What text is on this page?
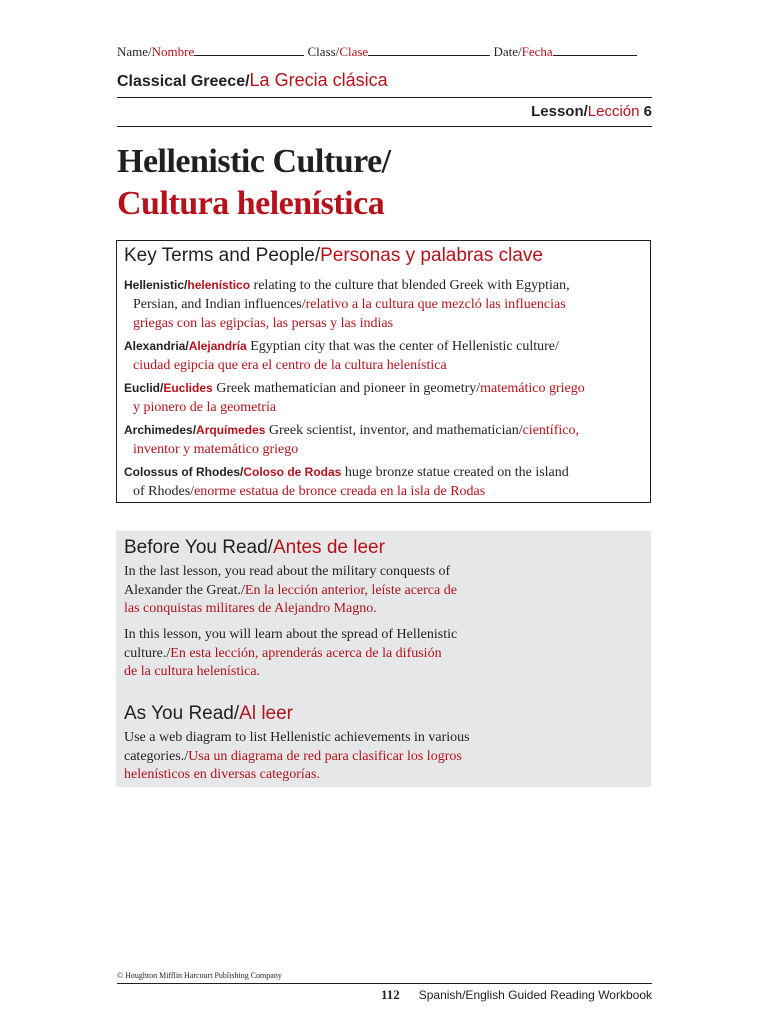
Name/Nombre	Class/Clase	Date/Fecha
Classical Greece/La Grecia clásica
Lesson/Lección 6
Hellenistic Culture/
Cultura helenística
Key Terms and People/Personas y palabras clave
Hellenistic/helenístico relating to the culture that blended Greek with Egyptian,
Persian, and Indian influences/relativo a la cultura que mezcló las influencias
griegas con las egipcias, las persas y las indias
Alexandria/Alejandría Egyptian city that was the center of Hellenistic culture/
ciudad egipcia que era el centro de la cultura helenística
Euclid/Euclides Greek mathematician and pioneer in geometry/matemático griego
y pionero de la geometría
Archimedes/Arquímedes Greek scientist, inventor, and mathematician/científico,
inventor y matemático griego
Colossus of Rhodes/Coloso de Rodas huge bronze statue created on the island
of Rhodes/enorme estatua de bronce creada en la isla de Rodas
Before You Read/Antes de leer
In the last lesson, you read about the military conquests of
Alexander the Great./En la lección anterior, leíste acerca de
las conquistas militares de Alejandro Magno.
In this lesson, you will learn about the spread of Hellenistic
culture./En esta lección, aprenderás acerca de la difusión
de la cultura helenística.
As You Read/Al leer
Use a web diagram to list Hellenistic achievements in various
categories./Usa un diagrama de red para clasificar los logros
helenísticos en diversas categorías.
© Houghton Mifflin Harcourt Publishing Company
112 Spanish/English Guided Reading Workbook
